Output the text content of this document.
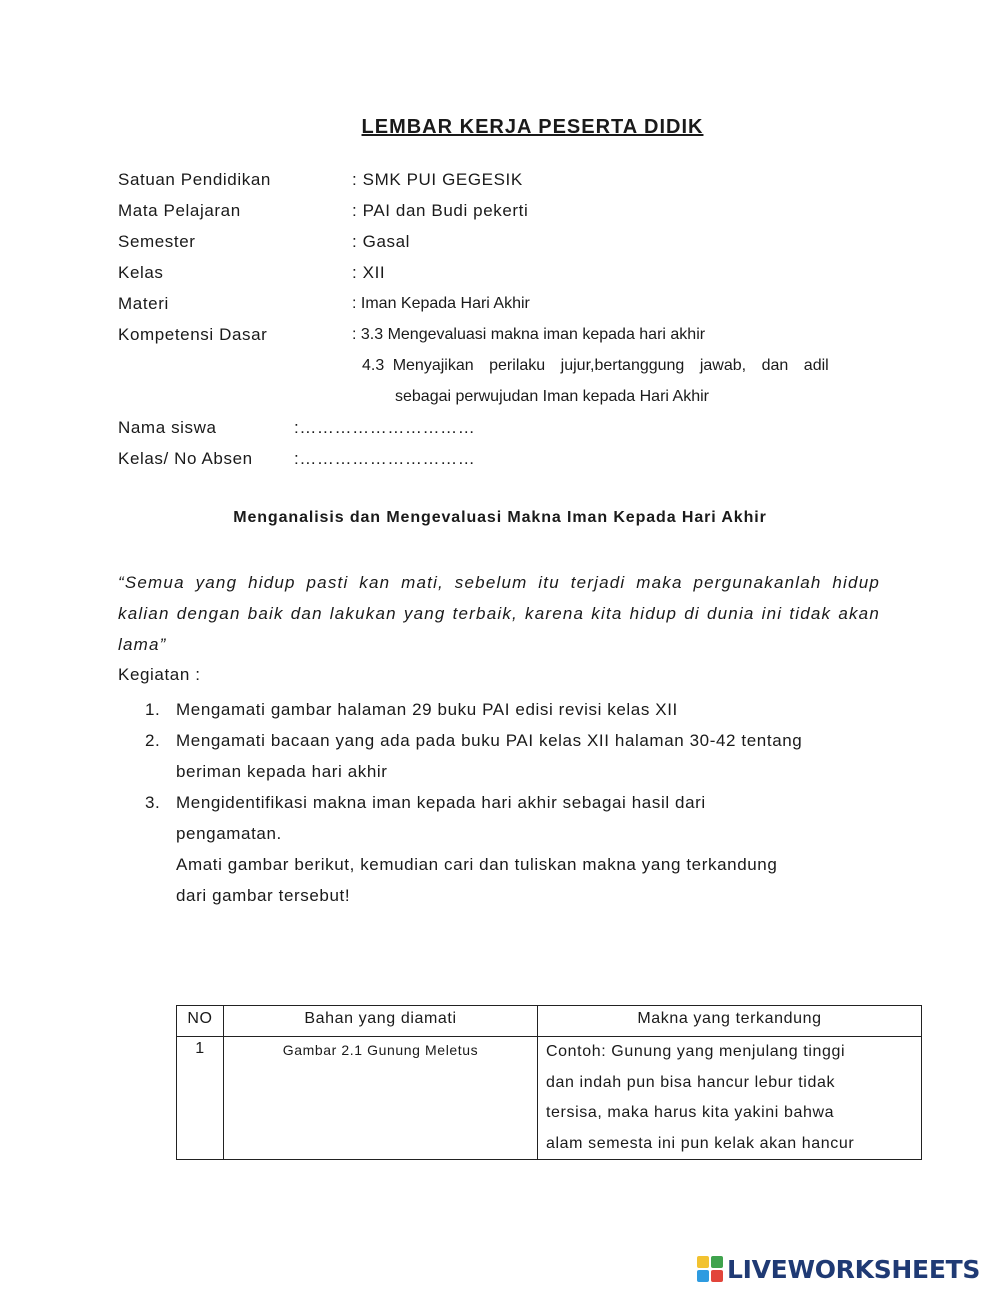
LEMBAR KERJA PESERTA DIDIK
Satuan Pendidikan	: SMK PUI GEGESIK
Mata Pelajaran	: PAI dan Budi pekerti
Semester	: Gasal
Kelas	: XII
Materi	: Iman Kepada Hari Akhir
Kompetensi Dasar	: 3.3 Mengevaluasi makna iman kepada hari akhir
4.3 Menyajikan perilaku jujur,bertanggung jawab, dan adil
sebagai perwujudan Iman kepada Hari Akhir
Nama siswa	:…………………………
Kelas/ No Absen :…………………………
Menganalisis dan Mengevaluasi Makna Iman Kepada Hari Akhir
“Semua yang hidup pasti kan mati, sebelum itu terjadi maka pergunakanlah hidup kalian dengan baik dan lakukan yang terbaik, karena kita hidup di dunia ini tidak akan lama”
Kegiatan :
1. Mengamati gambar halaman 29 buku PAI edisi revisi kelas XII
2. Mengamati bacaan yang ada pada buku PAI kelas XII halaman 30-42 tentang
beriman kepada hari akhir
3. Mengidentifikasi makna iman kepada hari akhir sebagai hasil dari
pengamatan.
Amati gambar berikut, kemudian cari dan tuliskan makna yang terkandung
dari gambar tersebut!
NO	Bahan yang diamati	Makna yang terkandung
1	Gambar 2.1 Gunung Meletus	Contoh: Gunung yang menjulang tinggi
dan indah pun bisa hancur lebur tidak
tersisa, maka harus kita yakini bahwa
alam semesta ini pun kelak akan hancur
LIVEWORKSHEETS
